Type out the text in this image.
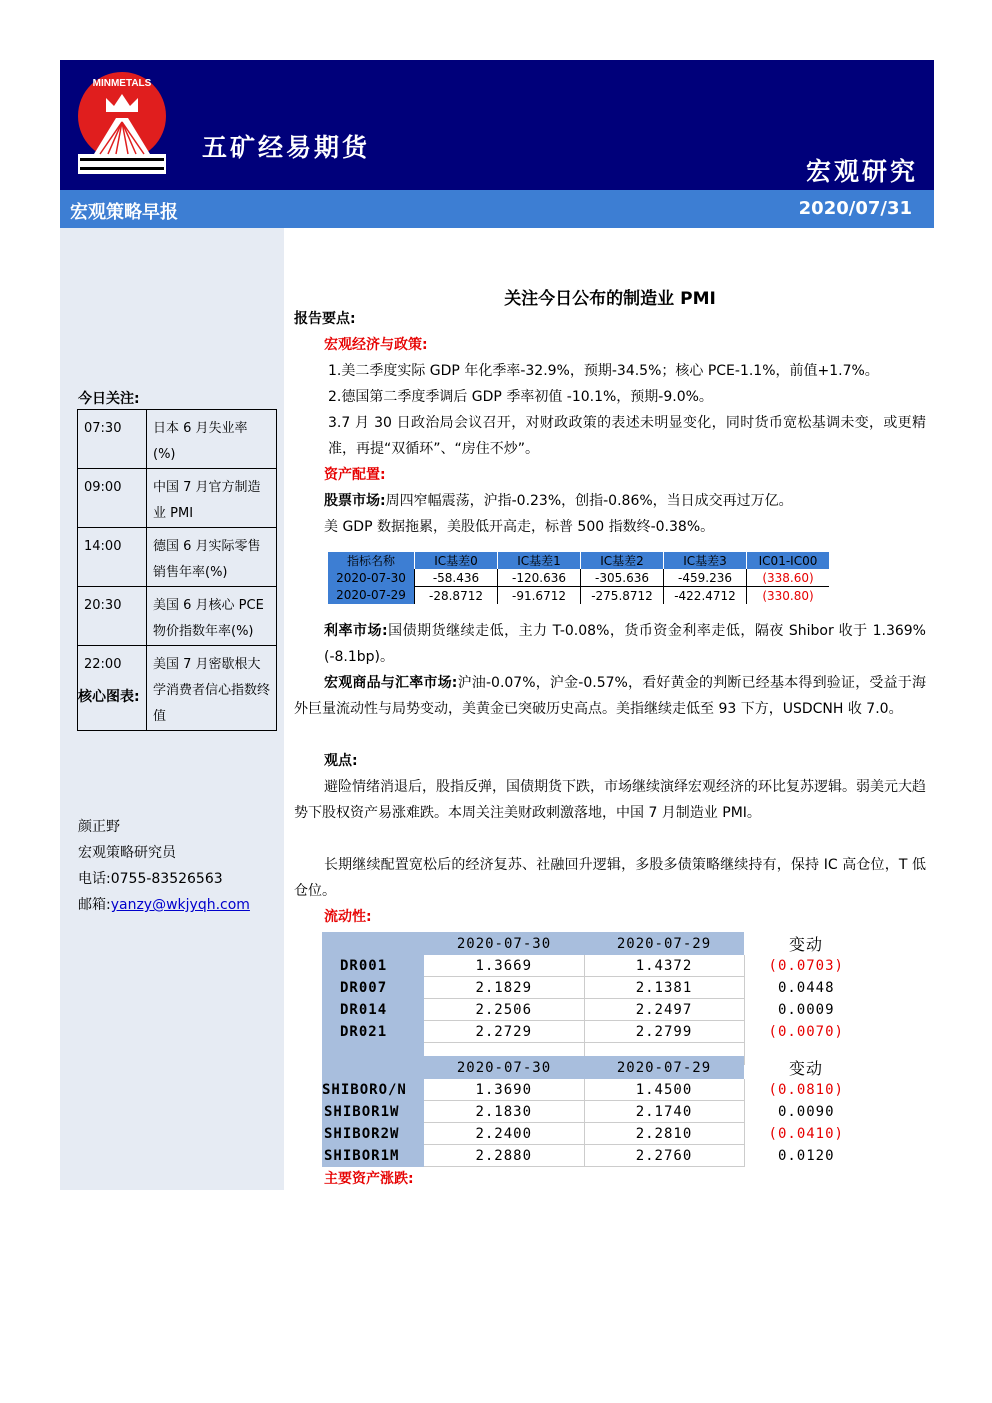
MINMETALS
五矿经易期货
宏观研究
宏观策略早报	2020/07/31
今日关注:
07:30	日本 6 月失业率(%)
09:00	中国 7 月官方制造业 PMI
14:00	德国 6 月实际零售销售年率(%)
20:30	美国 6 月核心 PCE 物价指数年率(%)
22:00	美国 7 月密歇根大学消费者信心指数终值
核心图表:
颜正野
宏观策略研究员
电话:0755-83526563
邮箱:yanzy@wkjyqh.com
关注今日公布的制造业 PMI
报告要点:
宏观经济与政策:
1.美二季度实际 GDP 年化季率-32.9%，预期-34.5%；核心 PCE-1.1%，前值+1.7%。
2.德国第二季度季调后 GDP 季率初值 -10.1%，预期-9.0%。
3.7 月 30 日政治局会议召开，对财政政策的表述未明显变化，同时货币宽松基调未变，或更精准，再提“双循环”、“房住不炒”。
资产配置:
股票市场:周四窄幅震荡，沪指-0.23%，创指-0.86%，当日成交再过万亿。
美 GDP 数据拖累，美股低开高走，标普 500 指数终-0.38%。
指标名称	IC基差0	IC基差1	IC基差2	IC基差3	IC01-IC00
2020-07-30	-58.436	-120.636	-305.636	-459.236	(338.60)
2020-07-29	-28.8712	-91.6712	-275.8712	-422.4712	(330.80)
利率市场:国债期货继续走低，主力 T-0.08%，货币资金利率走低，隔夜 Shibor 收于 1.369%(-8.1bp)。
宏观商品与汇率市场:沪油-0.07%，沪金-0.57%，看好黄金的判断已经基本得到验证，受益于海外巨量流动性与局势变动，美黄金已突破历史高点。美指继续走低至 93 下方，USDCNH 收 7.0。
观点:
避险情绪消退后，股指反弹，国债期货下跌，市场继续演绎宏观经济的环比复苏逻辑。弱美元大趋势下股权资产易涨难跌。本周关注美财政刺激落地，中国 7 月制造业 PMI。
长期继续配置宽松后的经济复苏、社融回升逻辑，多股多债策略继续持有，保持 IC 高仓位，T 低仓位。
流动性:
	2020-07-30	2020-07-29	变动
DR001	1.3669	1.4372	(0.0703)
DR007	2.1829	2.1381	0.0448
DR014	2.2506	2.2497	0.0009
DR021	2.2729	2.2799	(0.0070)

	2020-07-30	2020-07-29	变动
SHIBORO/N	1.3690	1.4500	(0.0810)
SHIBOR1W	2.1830	2.1740	0.0090
SHIBOR2W	2.2400	2.2810	(0.0410)
SHIBOR1M	2.2880	2.2760	0.0120
主要资产涨跌:
